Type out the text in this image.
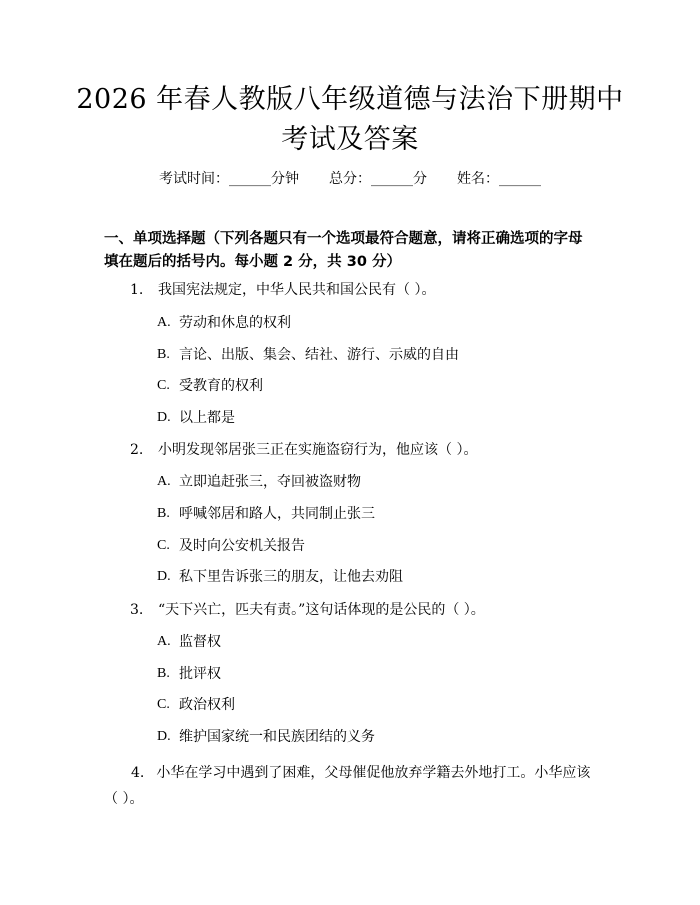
2026 年春人教版八年级道德与法治下册期中
考试及答案
考试时间：______分钟 总分：______分 姓名：______
一、单项选择题（下列各题只有一个选项最符合题意，请将正确选项的字母填在题后的括号内。每小题 2 分，共 30 分）
1. 我国宪法规定，中华人民共和国公民有（ ）。
A. 劳动和休息的权利
B. 言论、出版、集会、结社、游行、示威的自由
C. 受教育的权利
D. 以上都是
2. 小明发现邻居张三正在实施盗窃行为，他应该（ ）。
A. 立即追赶张三，夺回被盗财物
B. 呼喊邻居和路人，共同制止张三
C. 及时向公安机关报告
D. 私下里告诉张三的朋友，让他去劝阻
3. “天下兴亡，匹夫有责。”这句话体现的是公民的（ ）。
A. 监督权
B. 批评权
C. 政治权利
D. 维护国家统一和民族团结的义务
4. 小华在学习中遇到了困难，父母催促他放弃学籍去外地打工。小华应该（ ）。
